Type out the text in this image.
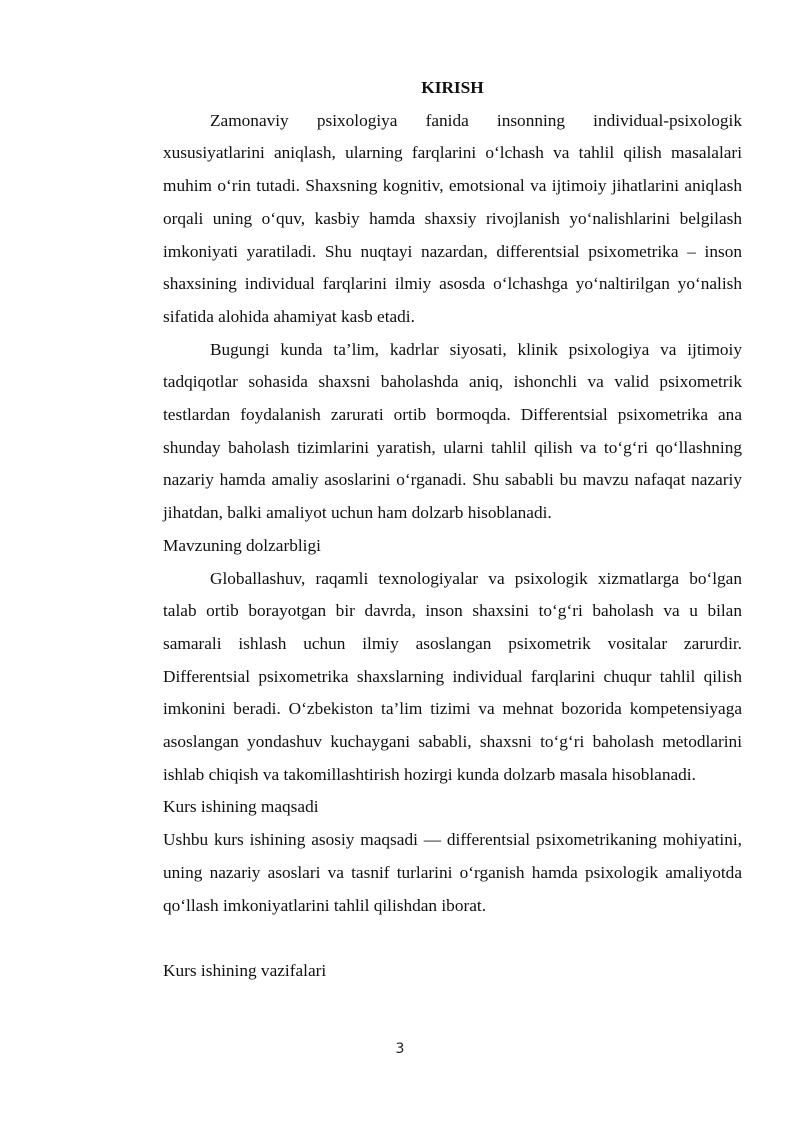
KIRISH

Zamonaviy psixologiya fanida insonning individual-psixologik xususiyatlarini aniqlash, ularning farqlarini o‘lchash va tahlil qilish masalalari muhim o‘rin tutadi. Shaxsning kognitiv, emotsional va ijtimoiy jihatlarini aniqlash orqali uning o‘quv, kasbiy hamda shaxsiy rivojlanish yo‘nalishlarini belgilash imkoniyati yaratiladi. Shu nuqtayi nazardan, differentsial psixometrika – inson shaxsining individual farqlarini ilmiy asosda o‘lchashga yo‘naltirilgan yo‘nalish sifatida alohida ahamiyat kasb etadi.

Bugungi kunda ta’lim, kadrlar siyosati, klinik psixologiya va ijtimoiy tadqiqotlar sohasida shaxsni baholashda aniq, ishonchli va valid psixometrik testlardan foydalanish zarurati ortib bormoqda. Differentsial psixometrika ana shunday baholash tizimlarini yaratish, ularni tahlil qilish va to‘g‘ri qo‘llashning nazariy hamda amaliy asoslarini o‘rganadi. Shu sababli bu mavzu nafaqat nazariy jihatdan, balki amaliyot uchun ham dolzarb hisoblanadi.

Mavzuning dolzarbligi

Globallashuv, raqamli texnologiyalar va psixologik xizmatlarga bo‘lgan talab ortib borayotgan bir davrda, inson shaxsini to‘g‘ri baholash va u bilan samarali ishlash uchun ilmiy asoslangan psixometrik vositalar zarurdir. Differentsial psixometrika shaxslarning individual farqlarini chuqur tahlil qilish imkonini beradi. O‘zbekiston ta’lim tizimi va mehnat bozorida kompetensiyaga asoslangan yondashuv kuchaygani sababli, shaxsni to‘g‘ri baholash metodlarini ishlab chiqish va takomillashtirish hozirgi kunda dolzarb masala hisoblanadi.

Kurs ishining maqsadi

Ushbu kurs ishining asosiy maqsadi — differentsial psixometrikaning mohiyatini, uning nazariy asoslari va tasnif turlarini o‘rganish hamda psixologik amaliyotda qo‘llash imkoniyatlarini tahlil qilishdan iborat.

Kurs ishining vazifalari

3
